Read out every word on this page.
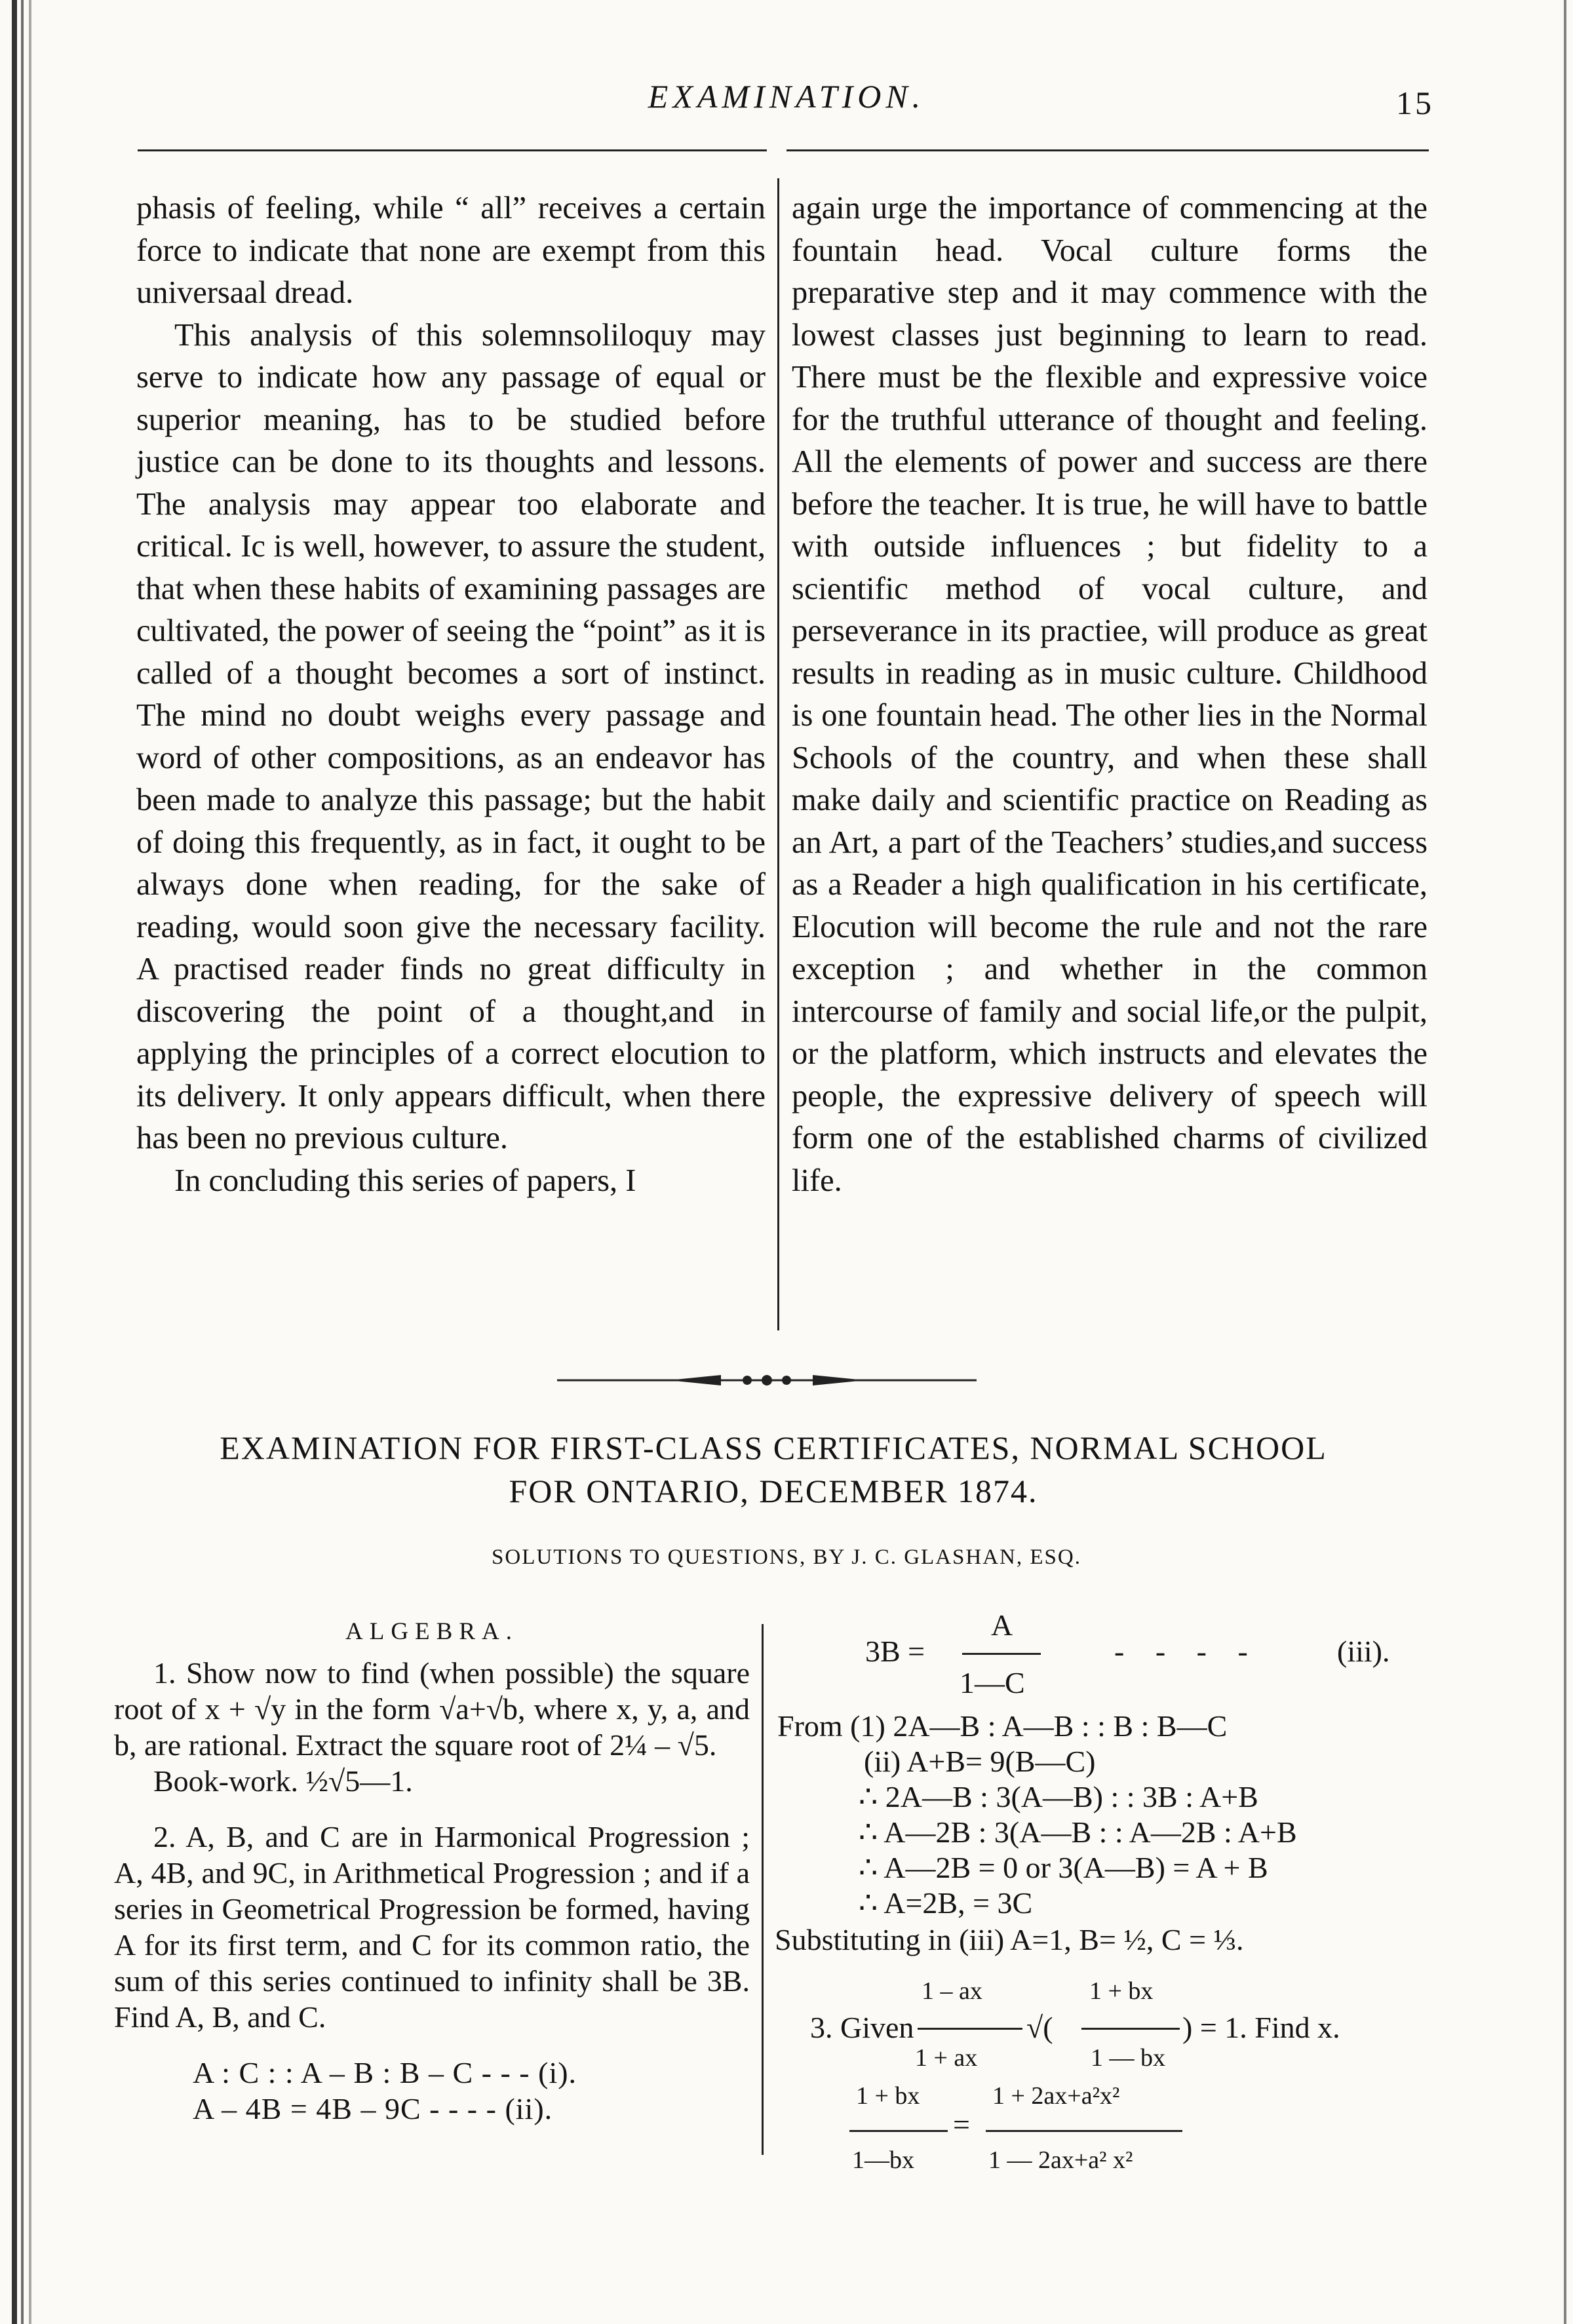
EXAMINATION.	15

phasis of feeling, while “ all” receives a certain force to indicate that none are exempt from this universaal dread.

This analysis of this solemnsoliloquy may serve to indicate how any passage of equal or superior meaning, has to be studied before justice can be done to its thoughts and lessons. The analysis may appear too elaborate and critical. Ic is well, however, to assure the student, that when these habits of examining passages are cultivated, the power of seeing the “point” as it is called of a thought becomes a sort of instinct. The mind no doubt weighs every passage and word of other compositions, as an endeavor has been made to analyze this passage; but the habit of doing this frequently, as in fact, it ought to be always done when reading, for the sake of reading, would soon give the necessary facility. A practised reader finds no great difficulty in discovering the point of a thought,and in applying the principles of a correct elocution to its delivery. It only appears difficult, when there has been no previous culture.

In concluding this series of papers, I

again urge the importance of commencing at the fountain head. Vocal culture forms the preparative step and it may commence with the lowest classes just beginning to learn to read. There must be the flexible and expressive voice for the truthful utterance of thought and feeling. All the elements of power and success are there before the teacher. It is true, he will have to battle with outside influences ; but fidelity to a scientific method of vocal culture, and perseverance in its practiee, will produce as great results in reading as in music culture. Childhood is one fountain head. The other lies in the Normal Schools of the country, and when these shall make daily and scientific practice on Reading as an Art, a part of the Teachers’ studies,and success as a Reader a high qualification in his certificate, Elocution will become the rule and not the rare exception ; and whether in the common intercourse of family and social life,or the pulpit, or the platform, which instructs and elevates the people, the expressive delivery of speech will form one of the established charms of civilized life.

EXAMINATION FOR FIRST-CLASS CERTIFICATES, NORMAL SCHOOL
FOR ONTARIO, DECEMBER 1874.
SOLUTIONS TO QUESTIONS, BY J. C. GLASHAN, ESQ.

ALGEBRA.

1. Show now to find (when possible) the square root of x + √y in the form √a+√b, where x, y, a, and b, are rational. Extract the square root of 2¼ – √5.

Book-work. ½√5—1.

2. A, B, and C are in Harmonical Progression ; A, 4B, and 9C, in Arithmetical Progression ; and if a series in Geometrical Progression be formed, having A for its first term, and C for its common ratio, the sum of this series continued to infinity shall be 3B. Find A, B, and C.

A : C : : A – B : B – C - - - (i).

A – 4B = 4B – 9C - - - - (ii).

A
3B =
1—C
- - - -	(iii).
From (1) 2A—B : A—B : : B : B—C
(ii) A+B= 9(B—C)
∴ 2A—B : 3(A—B) : : 3B : A+B
∴ A—2B : 3(A—B : : A—2B : A+B
∴ A—2B = 0 or 3(A—B) = A + B
∴ A=2B, = 3C
Substituting in (iii) A=1, B= ½, C = ⅓.
1 – ax	1 + bx
3. Given	√(	) = 1. Find x.
1 + ax	1 — bx
1 + bx	1 + 2ax+a²x²
=
1—bx	1 — 2ax+a² x²
